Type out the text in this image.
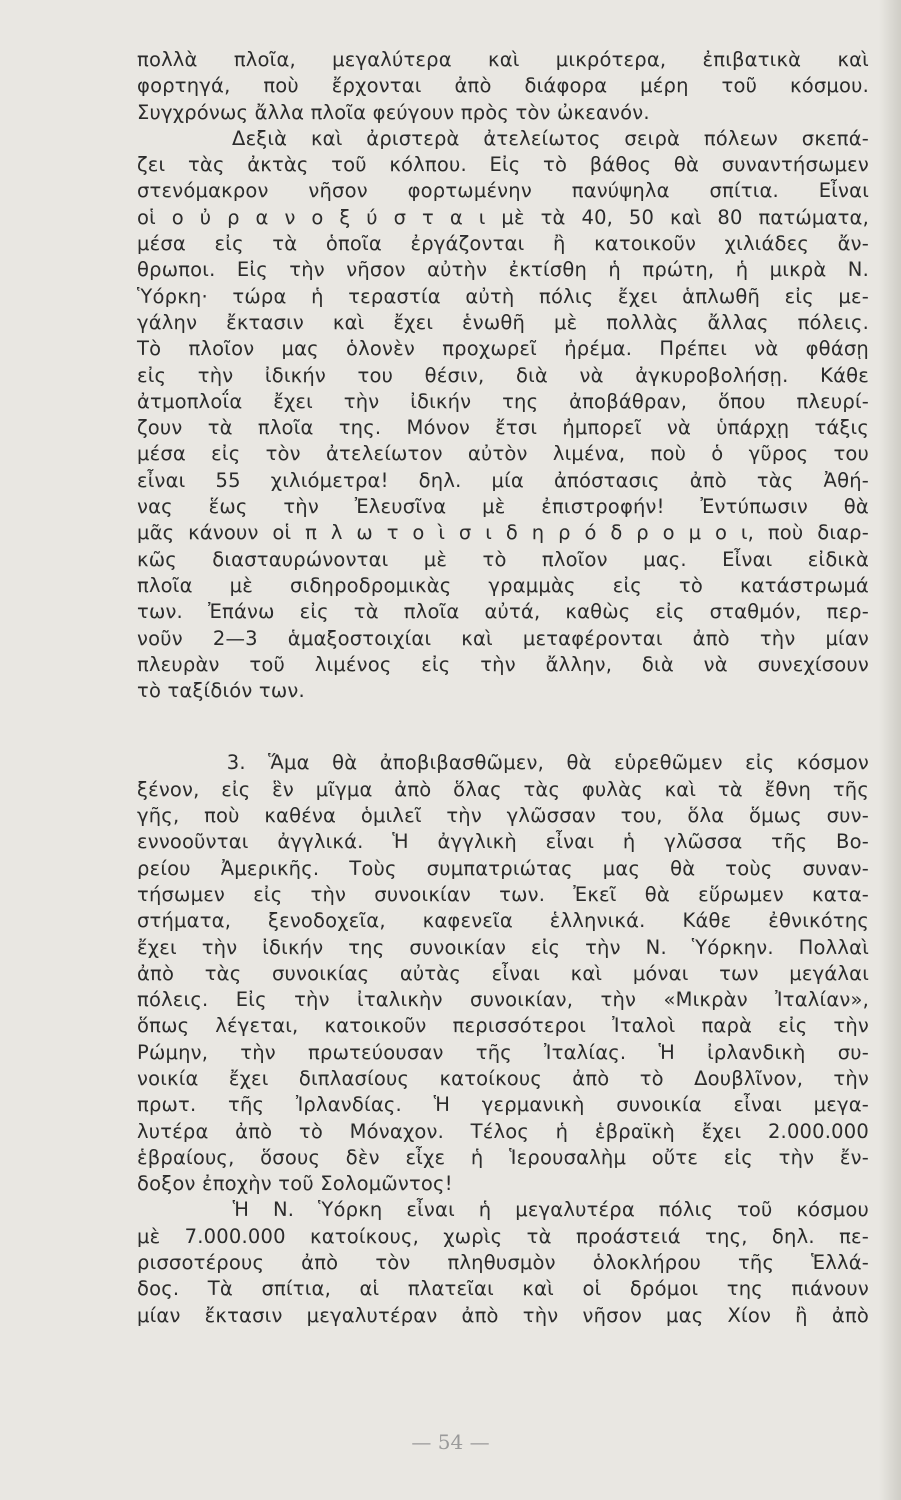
πολλὰ πλοῖα, μεγαλύτερα καὶ μικρότερα, ἐπιβατικὰ καὶ
φορτηγά, ποὺ ἔρχονται ἀπὸ διάφορα μέρη τοῦ κόσμου.
Συγχρόνως ἄλλα πλοῖα φεύγουν πρὸς τὸν ὠκεανόν.
Δεξιὰ καὶ ἀριστερὰ ἀτελείωτος σειρὰ πόλεων σκεπά-
ζει τὰς ἀκτὰς τοῦ κόλπου. Εἰς τὸ βάθος θὰ συναντήσωμεν
στενόμακρον νῆσον φορτωμένην πανύψηλα σπίτια. Εἶναι
οἱ ο ὐ ρ α ν ο ξ ύ σ τ α ι μὲ τὰ 40, 50 καὶ 80 πατώματα,
μέσα εἰς τὰ ὁποῖα ἐργάζονται ἢ κατοικοῦν χιλιάδες ἄν-
θρωποι. Εἰς τὴν νῆσον αὐτὴν ἐκτίσθη ἡ πρώτη, ἡ μικρὰ Ν.
Ὑόρκη· τώρα ἡ τεραστία αὐτὴ πόλις ἔχει ἁπλωθῆ εἰς με-
γάλην ἔκτασιν καὶ ἔχει ἑνωθῆ μὲ πολλὰς ἄλλας πόλεις.
Τὸ πλοῖον μας ὁλονὲν προχωρεῖ ἠρέμα. Πρέπει νὰ φθάσῃ
εἰς τὴν ἰδικήν του θέσιν, διὰ νὰ ἀγκυροβολήσῃ. Κάθε
ἀτμοπλοΐα ἔχει τὴν ἰδικήν της ἀποβάθραν, ὅπου πλευρί-
ζουν τὰ πλοῖα της. Μόνον ἔτσι ἠμπορεῖ νὰ ὑπάρχῃ τάξις
μέσα εἰς τὸν ἀτελείωτον αὐτὸν λιμένα, ποὺ ὁ γῦρος του
εἶναι 55 χιλιόμετρα! δηλ. μία ἀπόστασις ἀπὸ τὰς Ἀθή-
νας ἕως τὴν Ἐλευσῖνα μὲ ἐπιστροφήν! Ἐντύπωσιν θὰ
μᾶς κάνουν οἱ π λ ω τ ο ὶ σ ι δ η ρ ό δ ρ ο μ ο ι, ποὺ διαρ-
κῶς διασταυρώνονται μὲ τὸ πλοῖον μας. Εἶναι εἰδικὰ
πλοῖα μὲ σιδηροδρομικὰς γραμμὰς εἰς τὸ κατάστρωμά
των. Ἐπάνω εἰς τὰ πλοῖα αὐτά, καθὼς εἰς σταθμόν, περ-
νοῦν 2—3 ἁμαξοστοιχίαι καὶ μεταφέρονται ἀπὸ τὴν μίαν
πλευρὰν τοῦ λιμένος εἰς τὴν ἄλλην, διὰ νὰ συνεχίσουν
τὸ ταξίδιόν των.
3. Ἅμα θὰ ἀποβιβασθῶμεν, θὰ εὑρεθῶμεν εἰς κόσμον
ξένον, εἰς ἓν μῖγμα ἀπὸ ὅλας τὰς φυλὰς καὶ τὰ ἔθνη τῆς
γῆς, ποὺ καθένα ὁμιλεῖ τὴν γλῶσσαν του, ὅλα ὅμως συν-
εννοοῦνται ἀγγλικά. Ἡ ἀγγλικὴ εἶναι ἡ γλῶσσα τῆς Βο-
ρείου Ἀμερικῆς. Τοὺς συμπατριώτας μας θὰ τοὺς συναν-
τήσωμεν εἰς τὴν συνοικίαν των. Ἐκεῖ θὰ εὕρωμεν κατα-
στήματα, ξενοδοχεῖα, καφενεῖα ἑλληνικά. Κάθε ἐθνικότης
ἔχει τὴν ἰδικήν της συνοικίαν εἰς τὴν Ν. Ὑόρκην. Πολλαὶ
ἀπὸ τὰς συνοικίας αὐτὰς εἶναι καὶ μόναι των μεγάλαι
πόλεις. Εἰς τὴν ἰταλικὴν συνοικίαν, τὴν «Μικρὰν Ἰταλίαν»,
ὅπως λέγεται, κατοικοῦν περισσότεροι Ἰταλοὶ παρὰ εἰς τὴν
Ρώμην, τὴν πρωτεύουσαν τῆς Ἰταλίας. Ἡ ἰρλανδικὴ συ-
νοικία ἔχει διπλασίους κατοίκους ἀπὸ τὸ Δουβλῖνον, τὴν
πρωτ. τῆς Ἰρλανδίας. Ἡ γερμανικὴ συνοικία εἶναι μεγα-
λυτέρα ἀπὸ τὸ Μόναχον. Τέλος ἡ ἑβραϊκὴ ἔχει 2.000.000
ἑβραίους, ὅσους δὲν εἶχε ἡ Ἱερουσαλὴμ οὔτε εἰς τὴν ἔν-
δοξον ἐποχὴν τοῦ Σολομῶντος!
Ἡ Ν. Ὑόρκη εἶναι ἡ μεγαλυτέρα πόλις τοῦ κόσμου
μὲ 7.000.000 κατοίκους, χωρὶς τὰ προάστειά της, δηλ. πε-
ρισσοτέρους ἀπὸ τὸν πληθυσμὸν ὁλοκλήρου τῆς Ἑλλά-
δος. Τὰ σπίτια, αἱ πλατεῖαι καὶ οἱ δρόμοι της πιάνουν
μίαν ἔκτασιν μεγαλυτέραν ἀπὸ τὴν νῆσον μας Χίον ἢ ἀπὸ
— 54 —
